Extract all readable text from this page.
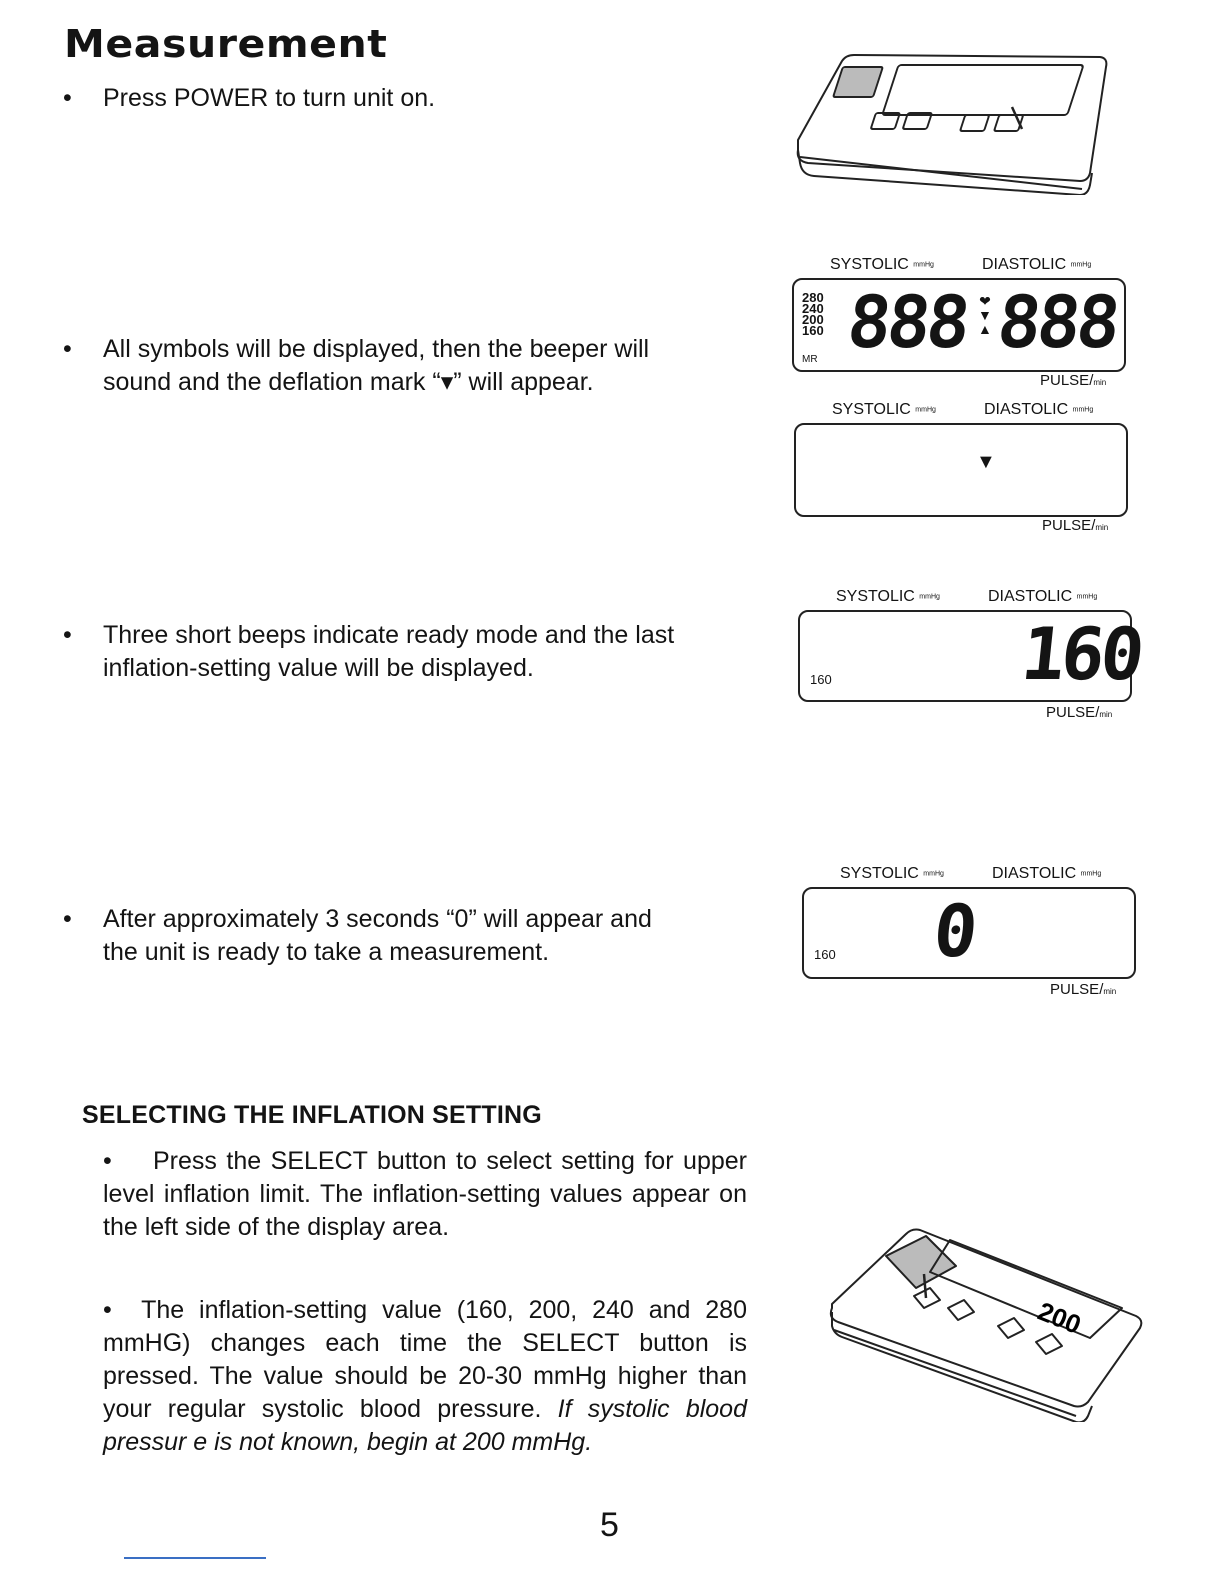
Measurement
• Press POWER to turn unit on.
• All symbols will be displayed, then the beeper will
sound and the deflation mark “▾” will appear.
• Three short beeps indicate ready mode and the last
inflation-setting value will be displayed.
• After approximately 3 seconds “0” will appear and
the unit is ready to take a measurement.
SELECTING THE INFLATION SETTING
• Press the SELECT button to select setting for upper level inflation limit. The inflation-setting values appear on the left side of the display area.
• The inflation-setting value (160, 200, 240 and 280 mmHG) changes each time the SELECT button is pressed. The value should be 20-30 mmHg higher than your regular systolic blood pressure. If systolic blood pressur e is not known, begin at 200 mmHg.
SYSTOLIC mmHg	DIASTOLIC mmHg
280
240
200
160
MR 888 ❤
▼
▲ 888
PULSE/min
SYSTOLIC mmHg	DIASTOLIC mmHg
▼
PULSE/min
SYSTOLIC mmHg	DIASTOLIC mmHg
160	160
PULSE/min
SYSTOLIC mmHg	DIASTOLIC mmHg
160 0
PULSE/min
200
5
